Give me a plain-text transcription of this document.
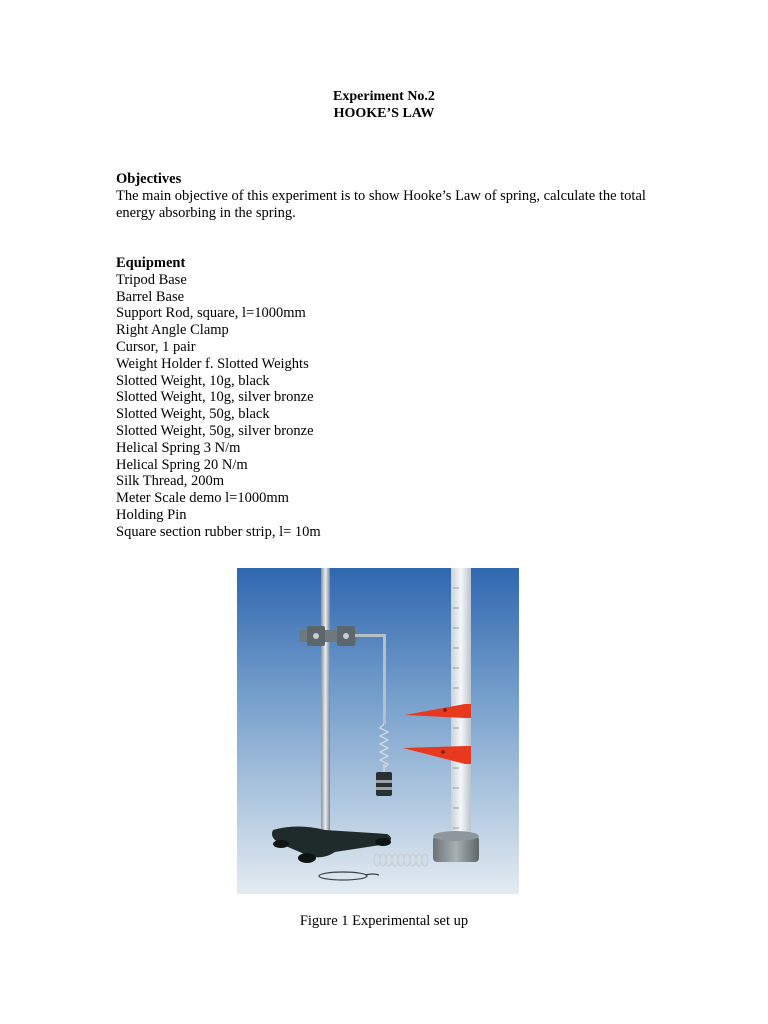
Experiment No.2
HOOKE’S LAW
Objectives

The main objective of this experiment is to show Hooke’s Law of spring, calculate the total energy absorbing in the spring.

Equipment
Tripod Base
Barrel Base
Support Rod, square, l=1000mm
Right Angle Clamp
Cursor, 1 pair
Weight Holder f. Slotted Weights
Slotted Weight, 10g, black
Slotted Weight, 10g, silver bronze
Slotted Weight, 50g, black
Slotted Weight, 50g, silver bronze
Helical Spring 3 N/m
Helical Spring 20 N/m
Silk Thread, 200m
Meter Scale demo l=1000mm
Holding Pin
Square section rubber strip, l= 10m
Figure 1 Experimental set up
